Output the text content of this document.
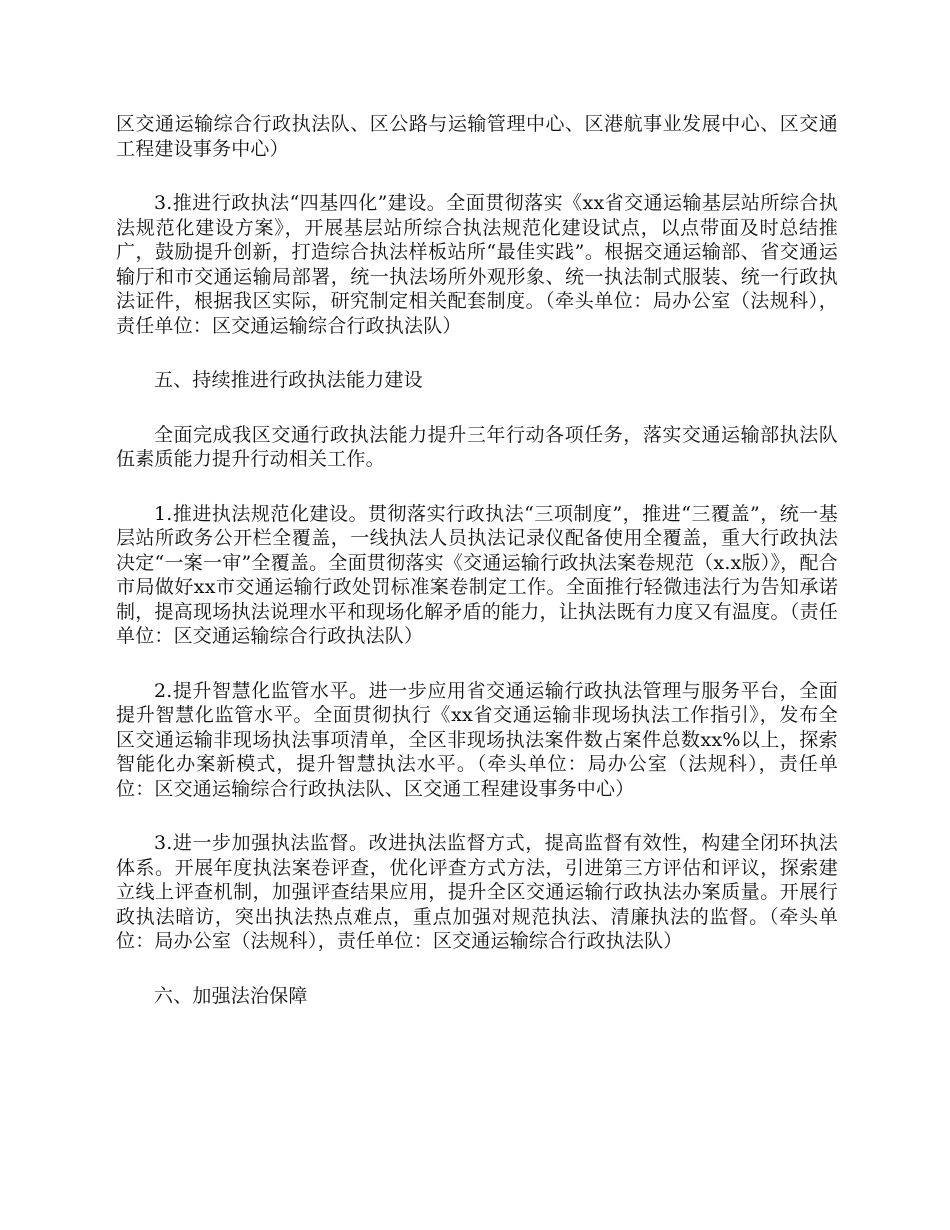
区交通运输综合行政执法队、区公路与运输管理中心、区港航事业发展中心、区交通工程建设事务中心）

3.推进行政执法“四基四化”建设。全面贯彻落实《xx省交通运输基层站所综合执法规范化建设方案》，开展基层站所综合执法规范化建设试点，以点带面及时总结推广，鼓励提升创新，打造综合执法样板站所“最佳实践”。根据交通运输部、省交通运输厅和市交通运输局部署，统一执法场所外观形象、统一执法制式服装、统一行政执法证件，根据我区实际，研究制定相关配套制度。（牵头单位：局办公室（法规科），责任单位：区交通运输综合行政执法队）

五、持续推进行政执法能力建设

全面完成我区交通行政执法能力提升三年行动各项任务，落实交通运输部执法队伍素质能力提升行动相关工作。

1.推进执法规范化建设。贯彻落实行政执法“三项制度”，推进“三覆盖”，统一基层站所政务公开栏全覆盖，一线执法人员执法记录仪配备使用全覆盖，重大行政执法决定“一案一审”全覆盖。全面贯彻落实《交通运输行政执法案卷规范（x.x版）》，配合市局做好xx市交通运输行政处罚标准案卷制定工作。全面推行轻微违法行为告知承诺制，提高现场执法说理水平和现场化解矛盾的能力，让执法既有力度又有温度。（责任单位：区交通运输综合行政执法队）

2.提升智慧化监管水平。进一步应用省交通运输行政执法管理与服务平台，全面提升智慧化监管水平。全面贯彻执行《xx省交通运输非现场执法工作指引》，发布全区交通运输非现场执法事项清单，全区非现场执法案件数占案件总数xx%以上，探索智能化办案新模式，提升智慧执法水平。（牵头单位：局办公室（法规科），责任单位：区交通运输综合行政执法队、区交通工程建设事务中心）

3.进一步加强执法监督。改进执法监督方式，提高监督有效性，构建全闭环执法体系。开展年度执法案卷评查，优化评查方式方法，引进第三方评估和评议，探索建立线上评查机制，加强评查结果应用，提升全区交通运输行政执法办案质量。开展行政执法暗访，突出执法热点难点，重点加强对规范执法、清廉执法的监督。（牵头单位：局办公室（法规科），责任单位：区交通运输综合行政执法队）

六、加强法治保障
